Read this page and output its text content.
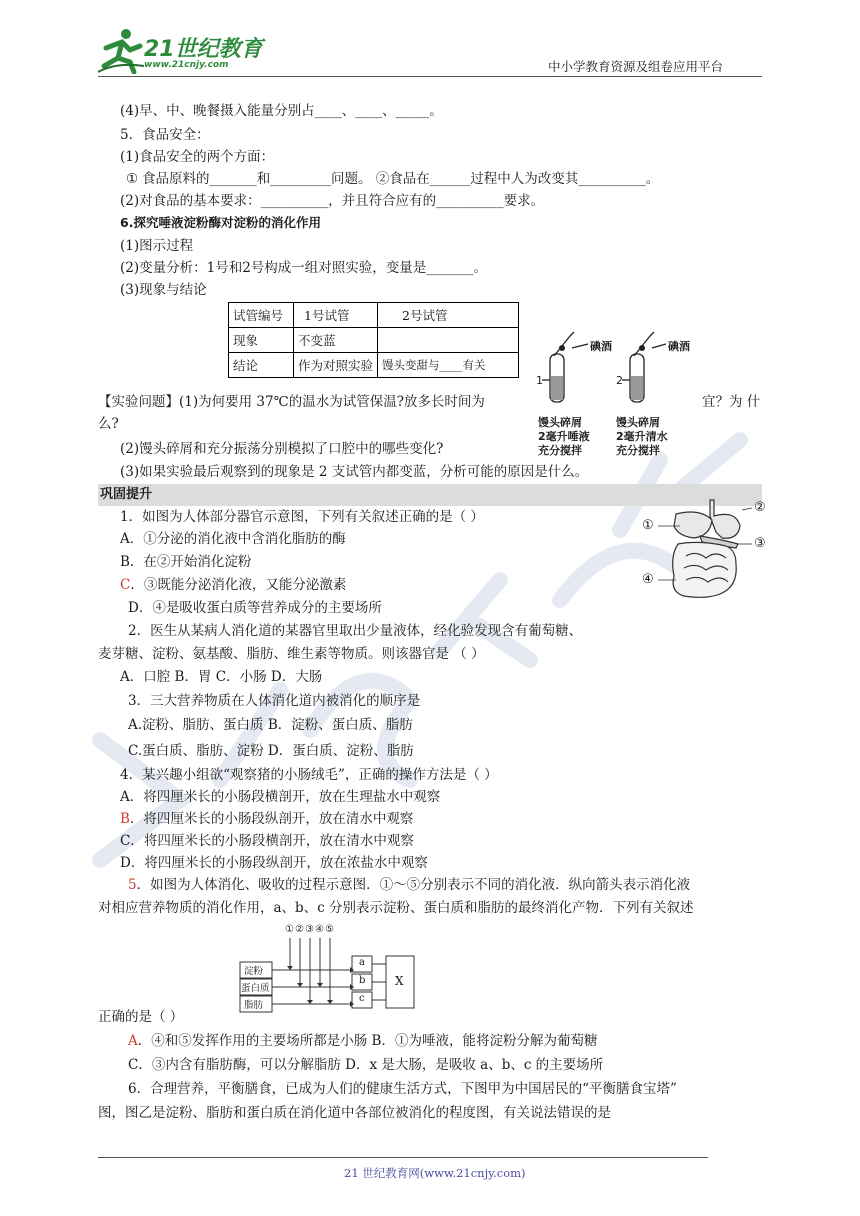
21世纪教育
www.21cnjy.com	中小学教育资源及组卷应用平台
(4)早、中、晚餐摄入能量分别占____、____、_____。
5．食品安全：
(1)食品安全的两个方面：
① 食品原料的_______和_________问题。 ②食品在______过程中人为改变其__________。
(2)对食品的基本要求：__________，并且符合应有的__________要求。
6.探究唾液淀粉酶对淀粉的消化作用
(1)图示过程
(2)变量分析：1号和2号构成一组对照实验，变量是_______。
(3)现象与结论
试管编号	1号试管	2号试管
现象	不变蓝	
结论	作为对照实验	馒头变甜与____有关
碘酒	碘酒
1	2
馒头碎屑
2毫升唾液
充分搅拌
馒头碎屑
2毫升清水
充分搅拌
【实验问题】(1)为何要用 37℃的温水为试管保温?放多长时间为	宜？为 什
么?
(2)馒头碎屑和充分振荡分别模拟了口腔中的哪些变化?
(3)如果实验最后观察到的现象是 2 支试管内都变蓝，分析可能的原因是什么。
巩固提升
①
②
③
④
1．如图为人体部分器官示意图，下列有关叙述正确的是（ ）
A．①分泌的消化液中含消化脂肪的酶
B．在②开始消化淀粉
C．③既能分泌消化液，又能分泌激素
D．④是吸收蛋白质等营养成分的主要场所
2．医生从某病人消化道的某器官里取出少量液体，经化验发现含有葡萄糖、
麦芽糖、淀粉、氨基酸、脂肪、维生素等物质。则该器官是 （ ）
A．口腔 B．胃 C．小肠 D．大肠
3．三大营养物质在人体消化道内被消化的顺序是
A.淀粉、脂肪、蛋白质 B．淀粉、蛋白质、脂肪
C.蛋白质、脂肪、淀粉 D．蛋白质、淀粉、脂肪
4．某兴趣小组欲“观察猪的小肠绒毛”，正确的操作方法是（ ）
A．将四厘米长的小肠段横剖开，放在生理盐水中观察
B．将四厘米长的小肠段纵剖开，放在清水中观察
C．将四厘米长的小肠段横剖开，放在清水中观察
D．将四厘米长的小肠段纵剖开，放在浓盐水中观察
5．如图为人体消化、吸收的过程示意图．①～⑤分别表示不同的消化液．纵向箭头表示消化液
对相应营养物质的消化作用，a、b、c 分别表示淀粉、蛋白质和脂肪的最终消化产物．下列有关叙述
① ② ③ ④ ⑤
淀粉
蛋白质
脂肪
a
b
c
X
正确的是（ ）
A．④和⑤发挥作用的主要场所都是小肠 B．①为唾液，能将淀粉分解为葡萄糖
C．③内含有脂肪酶，可以分解脂肪 D．x 是大肠，是吸收 a、b、c 的主要场所
6．合理营养，平衡膳食，已成为人们的健康生活方式，下图甲为中国居民的“平衡膳食宝塔”
图，图乙是淀粉、脂肪和蛋白质在消化道中各部位被消化的程度图，有关说法错误的是
21 世纪教育网(www.21cnjy.com)
